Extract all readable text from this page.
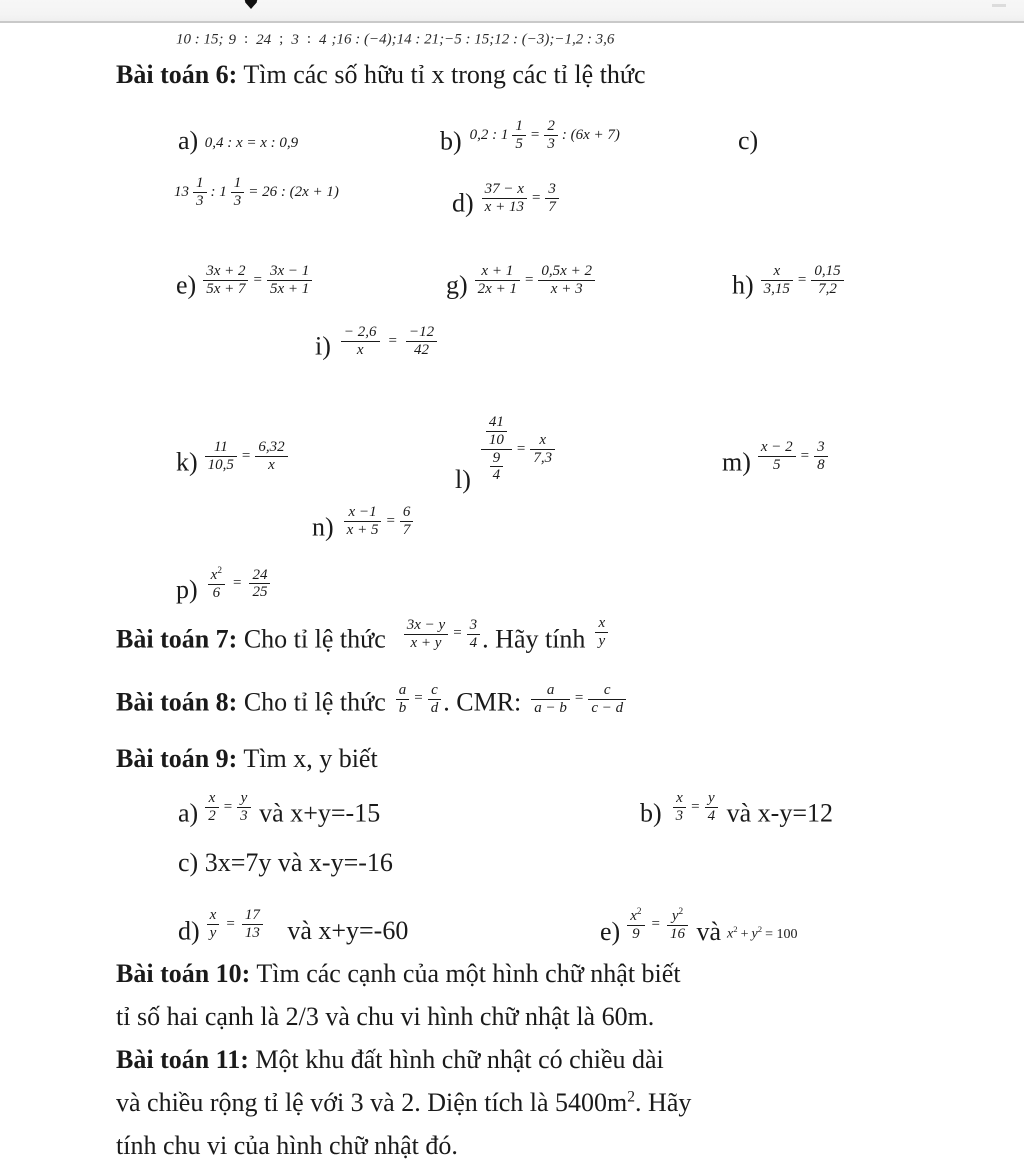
10 : 15; 9 : 24 ; 3 : 4 ;16 : (−4);14 : 21;−5 : 15;12 : (−3);−1,2 : 3,6
Bài toán 6: Tìm các số hữu tỉ x trong các tỉ lệ thức
a) 0,4 : x = x : 0,9	b) 0,2 : $1 \frac{1}{5} = \frac{2}{3}$ : (6x + 7)	c)
$13 \frac{1}{3}$ : $1 \frac{1}{3} = 26$ : (2x + 1)	$d) \frac{37 - x}{x + 13} = \frac{3}{7}$
$e) \frac{3x + 2}{5x + 7} = \frac{3x - 1}{5x + 1}$	$g) \frac{x + 1}{2x + 1} = \frac{0,5x + 2}{x + 3}$	$h) \frac{x}{3,15} = \frac{0,15}{7,2}$
$i) \frac{- 2,6}{x} = \frac{-12}{42}$
$k) \frac{11}{10,5} = \frac{6,32}{x}$
$l) \frac{\frac{41}{10}}{\frac{9}{4}} = \frac{x}{7,3}$	$m) \frac{x - 2}{5} = \frac{3}{8}$
$n) \frac{x -1}{x + 5} = \frac{6}{7}$
$p) \frac{x^2}{6} = \frac{24}{25}$
Bài toán 7: Cho tỉ lệ thức $\frac{3x - y}{x + y} = \frac{3}{4}$ . Hãy tính $\frac{x}{y}$
Bài toán 8: Cho tỉ lệ thức $\frac{a}{b} = \frac{c}{d}$ . CMR: $\frac{a}{a - b} = \frac{c}{c - d}$
Bài toán 9: Tìm x, y biết
$a) \frac{x}{2} = \frac{y}{3}$ và x+y=-15	$b) \frac{x}{3} = \frac{y}{4}$ và x-y=12
c) 3x=7y và x-y=-16
$d) \frac{x}{y} = \frac{17}{13}$ và x+y=-60	$e) \frac{x^2}{9} = \frac{y^2}{16}$ và $x^2 + y^2 = 100$
Bài toán 10: Tìm các cạnh của một hình chữ nhật biết
tỉ số hai cạnh là 2/3 và chu vi hình chữ nhật là 60m.
Bài toán 11: Một khu đất hình chữ nhật có chiều dài
và chiều rộng tỉ lệ với 3 và 2. Diện tích là $5400m^2$. Hãy
tính chu vi của hình chữ nhật đó.
